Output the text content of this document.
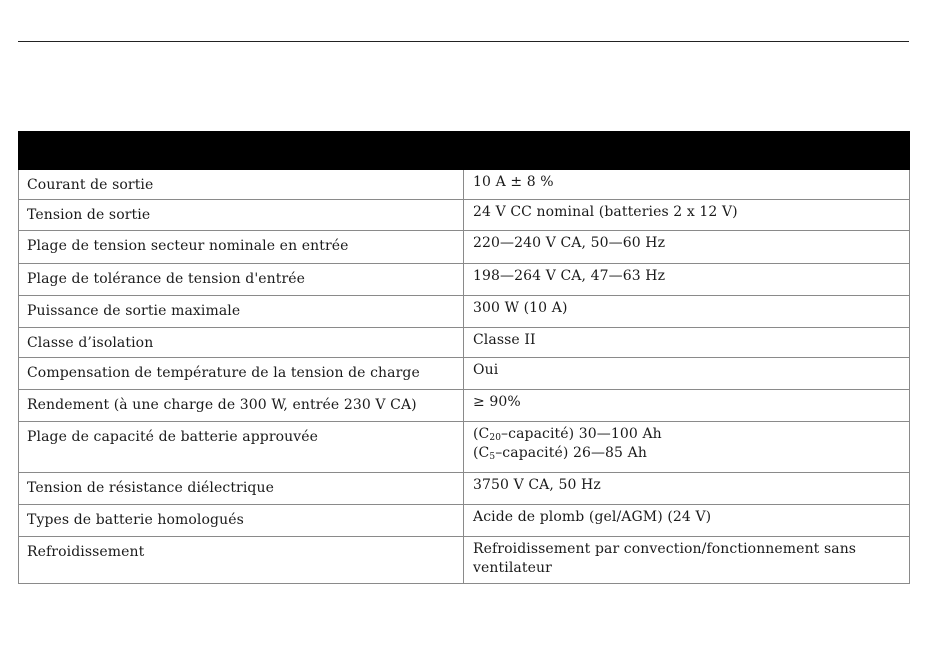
Courant de sortie	10 A ± 8 %

Tension de sortie	24 V CC nominal (batteries 2 x 12 V)

Plage de tension secteur nominale en entrée	220—240 V CA, 50—60 Hz

Plage de tolérance de tension d'entrée	198—264 V CA, 47—63 Hz

Puissance de sortie maximale	300 W (10 A)

Classe d’isolation	Classe II

Compensation de température de la tension de charge	Oui

Rendement (à une charge de 300 W, entrée 230 V CA)	≥ 90%

Plage de capacité de batterie approuvée	$(C_{20}-capacité)$ 30—100 Ah
$(C_5-capacité)$ 26—85 Ah

Tension de résistance diélectrique	3750 V CA, 50 Hz

Types de batterie homologués	Acide de plomb (gel/AGM) (24 V)

Refroidissement	Refroidissement par convection/fonctionnement sans ventilateur
